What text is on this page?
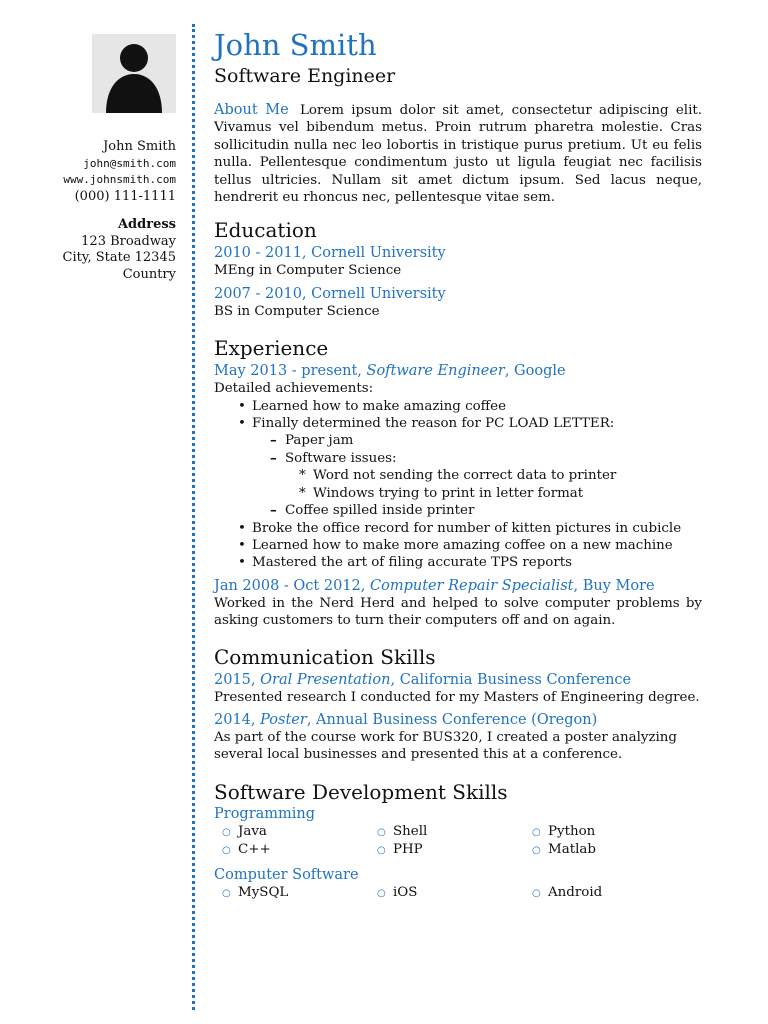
John Smith
john@smith.com
www.johnsmith.com
(000) 111-1111
Address
123 Broadway
City, State 12345
Country
John Smith
Software Engineer
About Me Lorem ipsum dolor sit amet, consectetur adipiscing elit. Vivamus vel bibendum metus. Proin rutrum pharetra molestie. Cras sollicitudin nulla nec leo lobortis in tristique purus pretium. Ut eu felis nulla. Pellentesque condimentum justo ut ligula feugiat nec facilisis tellus ultricies. Nullam sit amet dictum ipsum. Sed lacus neque, hendrerit eu rhoncus nec, pellentesque vitae sem.
Education
2010 - 2011, Cornell University
MEng in Computer Science
2007 - 2010, Cornell University
BS in Computer Science
Experience
May 2013 - present, Software Engineer, Google
Detailed achievements:
• Learned how to make amazing coffee
• Finally determined the reason for PC LOAD LETTER:
– Paper jam
– Software issues:
* Word not sending the correct data to printer
* Windows trying to print in letter format
– Coffee spilled inside printer
• Broke the office record for number of kitten pictures in cubicle
• Learned how to make more amazing coffee on a new machine
• Mastered the art of filing accurate TPS reports
Jan 2008 - Oct 2012, Computer Repair Specialist, Buy More
Worked in the Nerd Herd and helped to solve computer problems by asking customers to turn their computers off and on again.
Communication Skills
2015, Oral Presentation, California Business Conference
Presented research I conducted for my Masters of Engineering degree.
2014, Poster, Annual Business Conference (Oregon)
As part of the course work for BUS320, I created a poster analyzing several local businesses and presented this at a conference.
Software Development Skills
Programming
○ Java	○ Shell	○ Python
○ C++	○ PHP	○ Matlab
Computer Software
○ MySQL	○ iOS	○ Android
